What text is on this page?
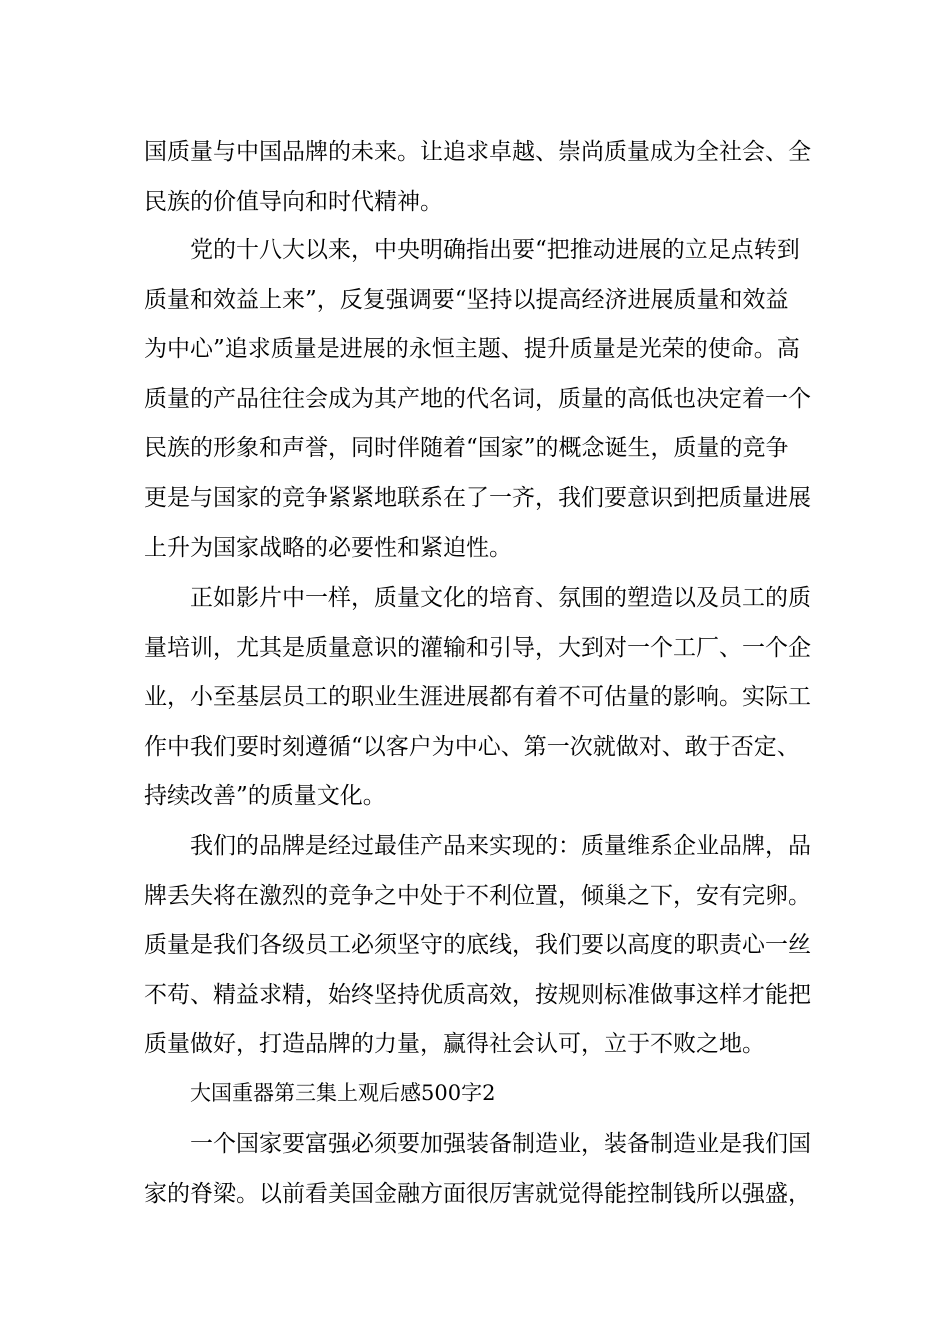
国质量与中国品牌的未来。让追求卓越、崇尚质量成为全社会、全
民族的价值导向和时代精神。
党的十八大以来，中央明确指出要“把推动进展的立足点转到
质量和效益上来”，反复强调要“坚持以提高经济进展质量和效益
为中心”追求质量是进展的永恒主题、提升质量是光荣的使命。高
质量的产品往往会成为其产地的代名词，质量的高低也决定着一个
民族的形象和声誉，同时伴随着“国家”的概念诞生，质量的竞争
更是与国家的竞争紧紧地联系在了一齐，我们要意识到把质量进展
上升为国家战略的必要性和紧迫性。
正如影片中一样，质量文化的培育、氛围的塑造以及员工的质
量培训，尤其是质量意识的灌输和引导，大到对一个工厂、一个企
业，小至基层员工的职业生涯进展都有着不可估量的影响。实际工
作中我们要时刻遵循“以客户为中心、第一次就做对、敢于否定、
持续改善”的质量文化。
我们的品牌是经过最佳产品来实现的：质量维系企业品牌，品
牌丢失将在激烈的竞争之中处于不利位置，倾巢之下，安有完卵。
质量是我们各级员工必须坚守的底线，我们要以高度的职责心一丝
不苟、精益求精，始终坚持优质高效，按规则标准做事这样才能把
质量做好，打造品牌的力量，赢得社会认可，立于不败之地。
大国重器第三集上观后感500字2
一个国家要富强必须要加强装备制造业，装备制造业是我们国
家的脊梁。以前看美国金融方面很厉害就觉得能控制钱所以强盛，
